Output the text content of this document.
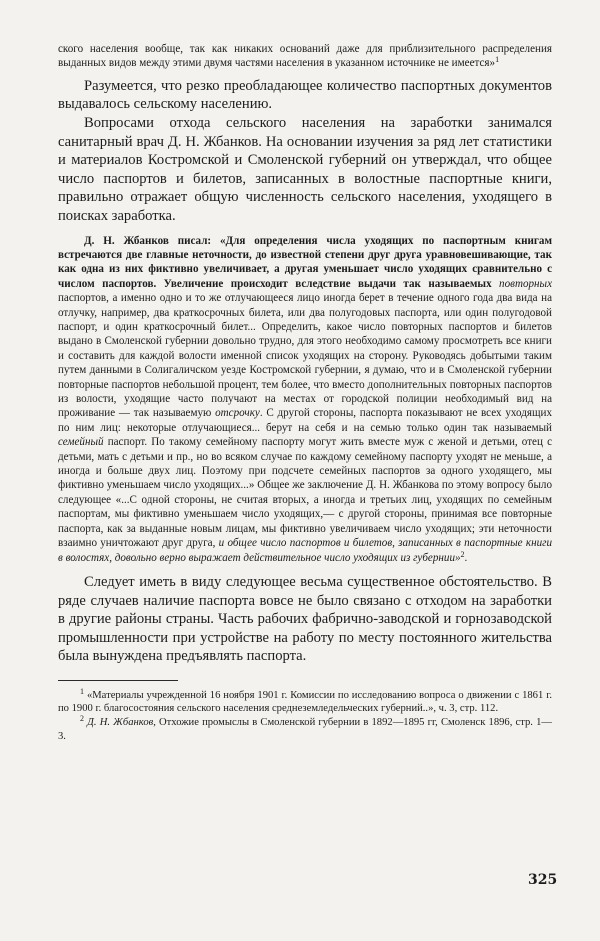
ского населения вообще, так как никаких оснований даже для приблизительного распределения выданных видов между этими двумя частями населения в указанном источнике не имеется»$^1$

Разумеется, что резко преобладающее количество паспортных документов выдавалось сельскому населению.

Вопросами отхода сельского населения на заработки занимался санитарный врач Д. Н. Жбанков. На основании изучения за ряд лет статистики и материалов Костромской и Смоленской губерний он утверждал, что общее число паспортов и билетов, записанных в волостные паспортные книги, правильно отражает общую численность сельского населения, уходящего в поисках заработка.

Д. Н. Жбанков писал: «Для определения числа уходящих по паспортным книгам встречаются две главные неточности, до известной степени друг друга уравновешивающие, так как одна из них фиктивно увеличивает, а другая уменьшает число уходящих сравнительно с числом паспортов. Увеличение происходит вследствие выдачи так называемых повторных паспортов, а именно одно и то же отлучающееся лицо иногда берет в течение одного года два вида на отлучку, например, два краткосрочных билета, или два полугодовых паспорта, или один полугодовой паспорт, и один краткосрочный билет... Определить, какое число повторных паспортов и билетов выдано в Смоленской губернии довольно трудно, для этого необходимо самому просмотреть все книги и составить для каждой волости именной список уходящих на сторону. Руководясь добытыми таким путем данными в Солигаличском уезде Костромской губернии, я думаю, что и в Смоленской губернии повторные паспортов небольшой процент, тем более, что вместо дополнительных повторных паспортов из волости, уходящие часто получают на местах от городской полиции необходимый вид на проживание — так называемую отсрочку. С другой стороны, паспорта показывают не всех уходящих по ним лиц: некоторые отлучающиеся... берут на себя и на семью только один так называемый семейный паспорт. По такому семейному паспорту могут жить вместе муж с женой и детьми, отец с детьми, мать с детьми и пр., но во всяком случае по каждому семейному паспорту уходят не меньше, а иногда и больше двух лиц. Поэтому при подсчете семейных паспортов за одного уходящего, мы фиктивно уменьшаем число уходящих...» Общее же заключение Д. Н. Жбанкова по этому вопросу было следующее «...С одной стороны, не считая вторых, а иногда и третьих лиц, уходящих по семейным паспортам, мы фиктивно уменьшаем число уходящих,— с другой стороны, принимая все повторные паспорта, как за выданные новым лицам, мы фиктивно увеличиваем число уходящих; эти неточности взаимно уничтожают друг друга, и общее число паспортов и билетов, записанных в паспортные книги в волостях, довольно верно выражает действительное число уходящих из губернии»$^2$.

Следует иметь в виду следующее весьма существенное обстоятельство. В ряде случаев наличие паспорта вовсе не было связано с отходом на заработки в другие районы страны. Часть рабочих фабрично-заводской и горнозаводской промышленности при устройстве на работу по месту постоянного жительства была вынуждена предъявлять паспорта.

$^1$ «Материалы учрежденной 16 ноября 1901 г. Комиссии по исследованию вопроса о движении с 1861 г. по 1900 г. благосостояния сельского населения среднеземледельческих губерний..», ч. 3, стр. 112.

$^2$ Д. Н. Жбанков, Отхожие промыслы в Смоленской губернии в 1892—1895 гг, Смоленск 1896, стр. 1—3.

325
